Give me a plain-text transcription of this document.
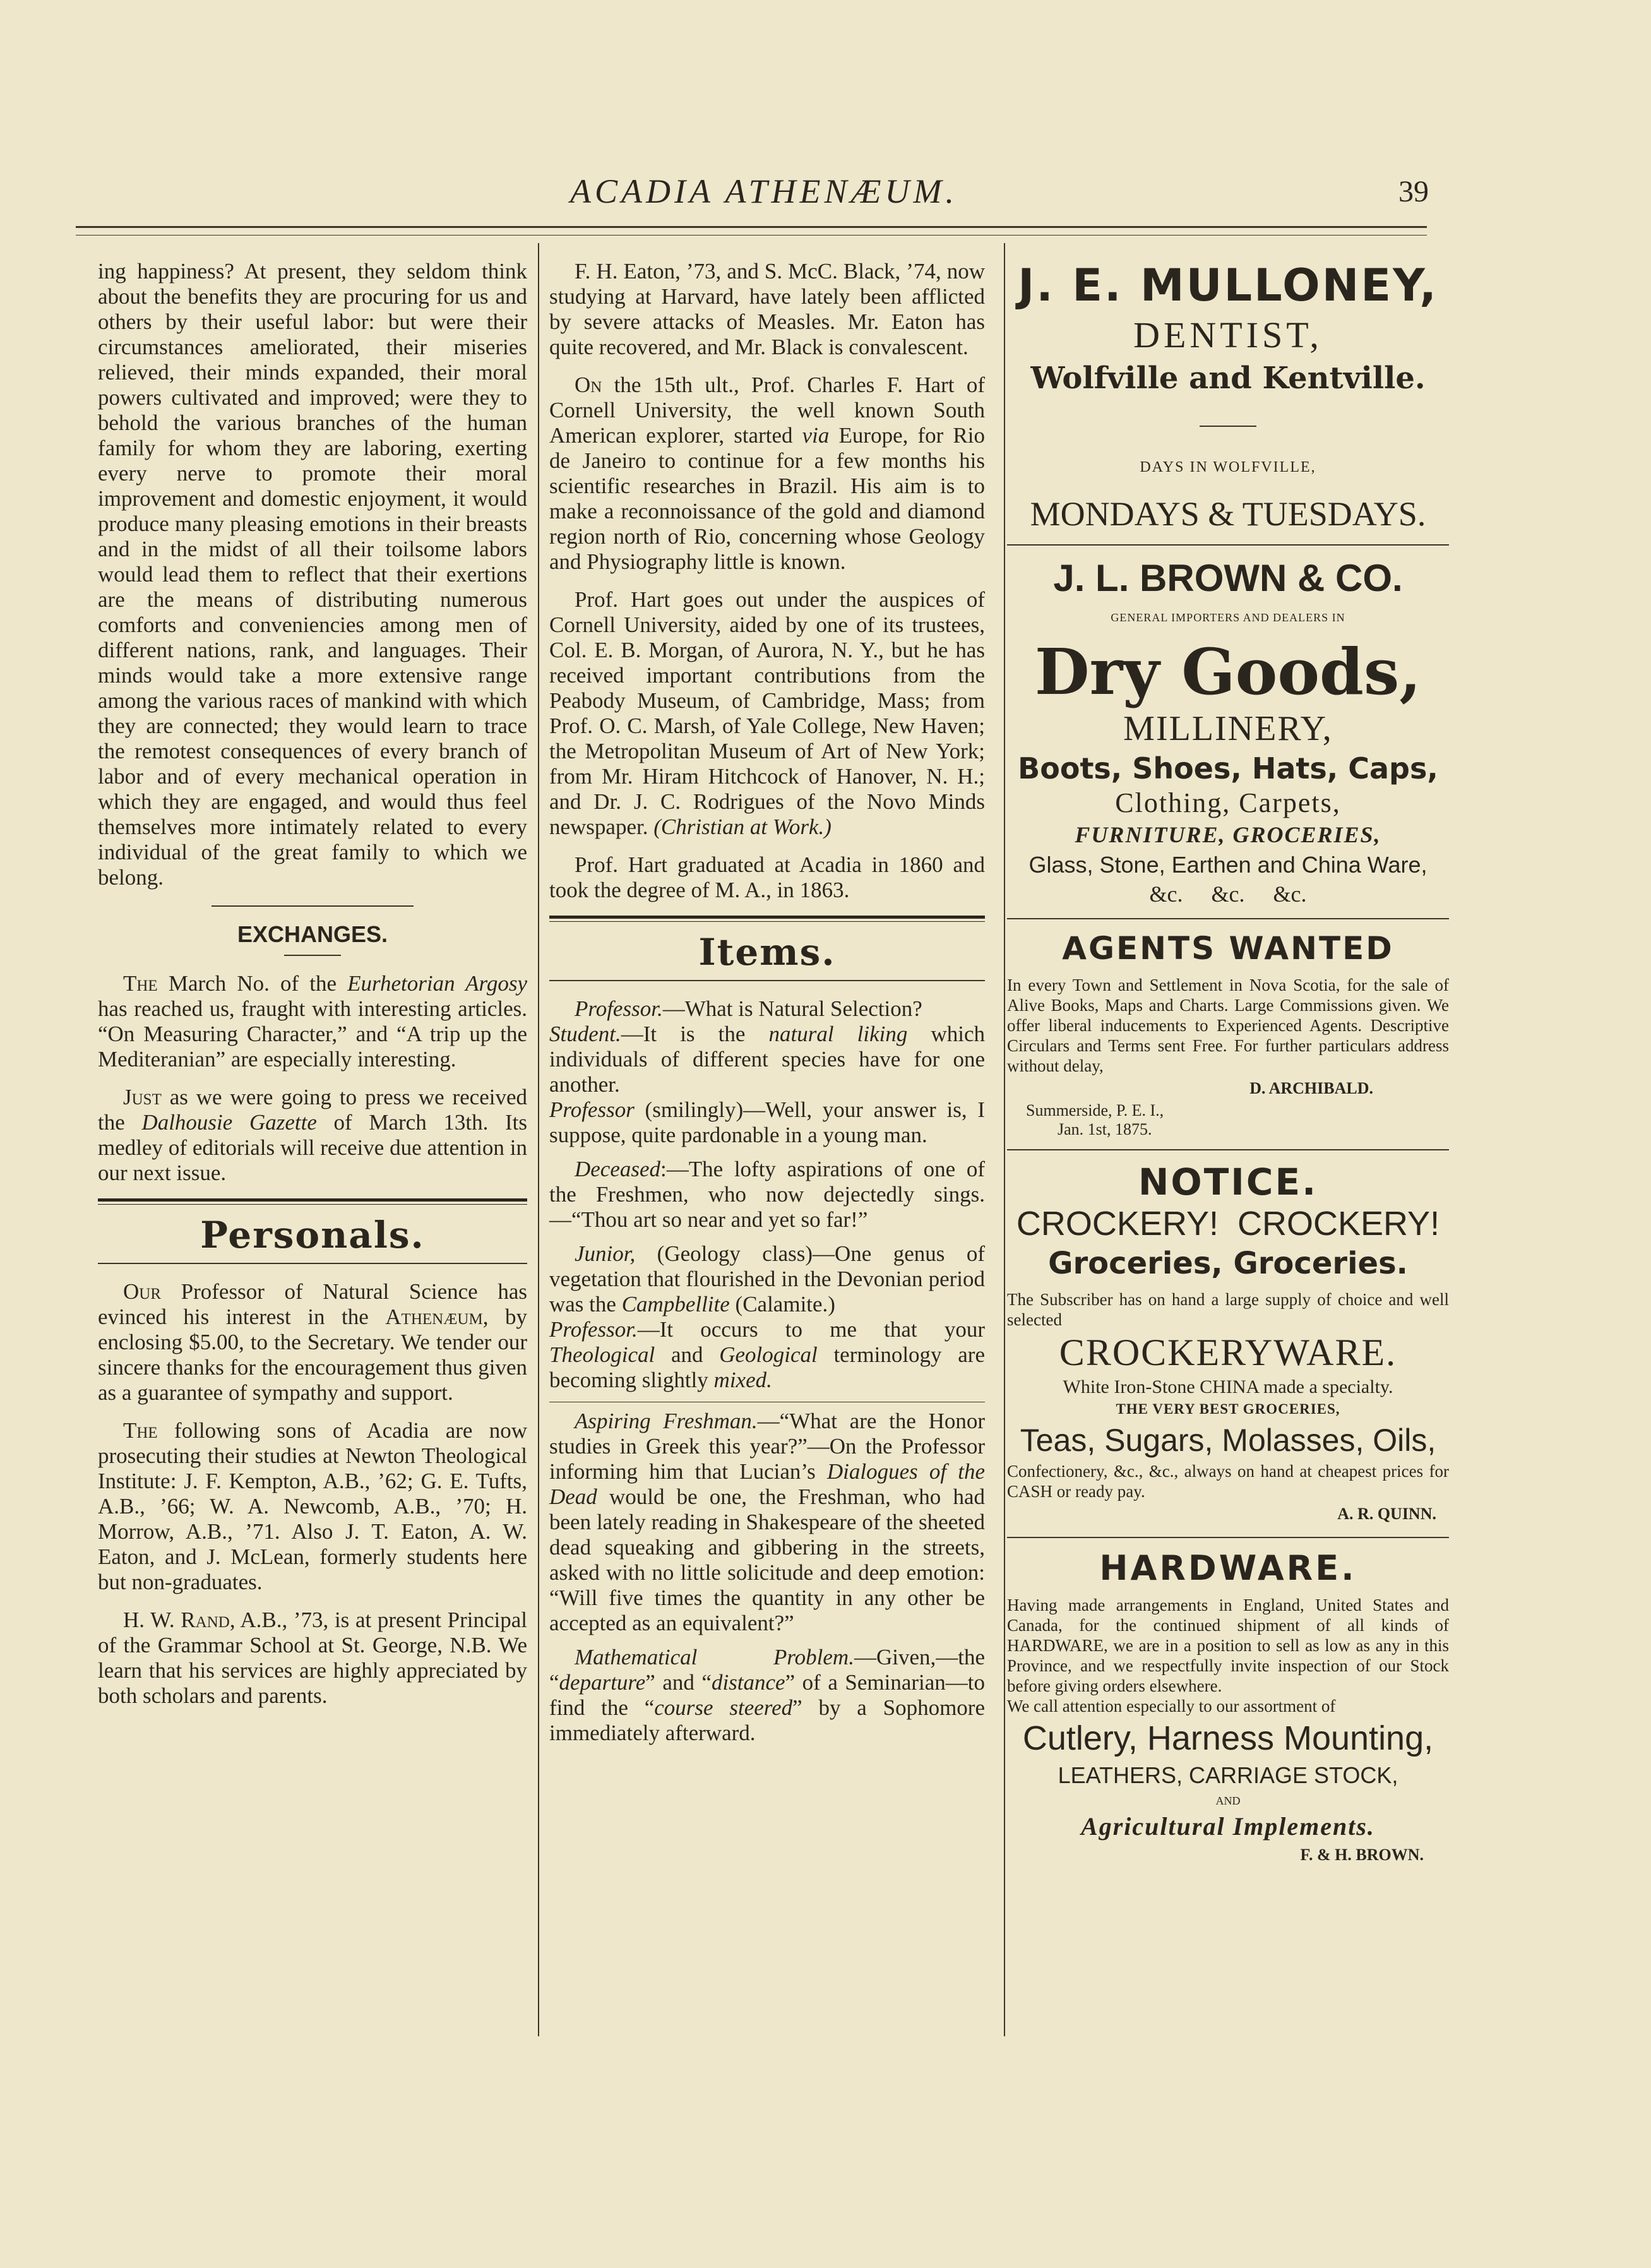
ACADIA ATHENÆUM.	39

ing happiness? At present, they seldom think about the benefits they are procuring for us and others by their useful labor: but were their circumstances ameliorated, their miseries relieved, their minds expanded, their moral powers cultivated and improved; were they to behold the various branches of the human family for whom they are laboring, exerting every nerve to promote their moral improvement and domestic enjoyment, it would produce many pleasing emotions in their breasts and in the midst of all their toilsome labors would lead them to reflect that their exertions are the means of distributing numerous comforts and conveniencies among men of different nations, rank, and languages. Their minds would take a more extensive range among the various races of mankind with which they are connected; they would learn to trace the remotest consequences of every branch of labor and of every mechanical operation in which they are engaged, and would thus feel themselves more intimately related to every individual of the great family to which we belong.

EXCHANGES.

The March No. of the Eurhetorian Argosy has reached us, fraught with interesting articles. “On Measuring Character,” and “A trip up the Mediteranian” are especially interesting.

Just as we were going to press we received the Dalhousie Gazette of March 13th. Its medley of editorials will receive due attention in our next issue.

Personals.

Our Professor of Natural Science has evinced his interest in the Athenæum, by enclosing $5.00, to the Secretary. We tender our sincere thanks for the encouragement thus given as a guarantee of sympathy and support.

The following sons of Acadia are now prosecuting their studies at Newton Theological Institute: J. F. Kempton, A.B., ’62; G. E. Tufts, A.B., ’66; W. A. Newcomb, A.B., ’70; H. Morrow, A.B., ’71. Also J. T. Eaton, A. W. Eaton, and J. McLean, formerly students here but non-graduates.

H. W. Rand, A.B., ’73, is at present Principal of the Grammar School at St. George, N.B. We learn that his services are highly appreciated by both scholars and parents.

F. H. Eaton, ’73, and S. McC. Black, ’74, now studying at Harvard, have lately been afflicted by severe attacks of Measles. Mr. Eaton has quite recovered, and Mr. Black is convalescent.

On the 15th ult., Prof. Charles F. Hart of Cornell University, the well known South American explorer, started via Europe, for Rio de Janeiro to continue for a few months his scientific researches in Brazil. His aim is to make a reconnoissance of the gold and diamond region north of Rio, concerning whose Geology and Physiography little is known.

Prof. Hart goes out under the auspices of Cornell University, aided by one of its trustees, Col. E. B. Morgan, of Aurora, N. Y., but he has received important contributions from the Peabody Museum, of Cambridge, Mass; from Prof. O. C. Marsh, of Yale College, New Haven; the Metropolitan Museum of Art of New York; from Mr. Hiram Hitchcock of Hanover, N. H.; and Dr. J. C. Rodrigues of the Novo Minds newspaper. (Christian at Work.)

Prof. Hart graduated at Acadia in 1860 and took the degree of M. A., in 1863.

Items.

Professor.—What is Natural Selection?
Student.—It is the natural liking which individuals of different species have for one another.
Professor (smilingly)—Well, your answer is, I suppose, quite pardonable in a young man.

Deceased:—The lofty aspirations of one of the Freshmen, who now dejectedly sings.—“Thou art so near and yet so far!”

Junior, (Geology class)—One genus of vegetation that flourished in the Devonian period was the Campbellite (Calamite.)
Professor.—It occurs to me that your Theological and Geological terminology are becoming slightly mixed.

Aspiring Freshman.—“What are the Honor studies in Greek this year?”—On the Professor informing him that Lucian’s Dialogues of the Dead would be one, the Freshman, who had been lately reading in Shakespeare of the sheeted dead squeaking and gibbering in the streets, asked with no little solicitude and deep emotion: “Will five times the quantity in any other be accepted as an equivalent?”

Mathematical Problem.—Given,—the “departure” and “distance” of a Seminarian—to find the “course steered” by a Sophomore immediately afterward.

J. E. MULLONEY,
DENTIST,
Wolfville and Kentville.
DAYS IN WOLFVILLE,
MONDAYS & TUESDAYS.
J. L. BROWN & CO.
GENERAL IMPORTERS AND DEALERS IN
Dry Goods,
MILLINERY,
Boots, Shoes, Hats, Caps,
Clothing, Carpets,
FURNITURE, GROCERIES,
Glass, Stone, Earthen and China Ware,
&c.     &c.     &c.
AGENTS WANTED
In every Town and Settlement in Nova Scotia, for the sale of Alive Books, Maps and Charts. Large Commissions given. We offer liberal inducements to Experienced Agents. Descriptive Circulars and Terms sent Free. For further particulars address without delay,
D. ARCHIBALD.
Summerside, P. E. I.,
Jan. 1st, 1875.
NOTICE.
CROCKERY!  CROCKERY!
Groceries, Groceries.
The Subscriber has on hand a large supply of choice and well selected
CROCKERYWARE.
White Iron-Stone CHINA made a specialty.
THE VERY BEST GROCERIES,
Teas, Sugars, Molasses, Oils,
Confectionery, &c., &c., always on hand at cheapest prices for CASH or ready pay.
A. R. QUINN.
HARDWARE.
Having made arrangements in England, United States and Canada, for the continued shipment of all kinds of HARDWARE, we are in a position to sell as low as any in this Province, and we respectfully invite inspection of our Stock before giving orders elsewhere.
We call attention especially to our assortment of
Cutlery, Harness Mounting,
LEATHERS, CARRIAGE STOCK,
AND
Agricultural Implements.
F. & H. BROWN.
